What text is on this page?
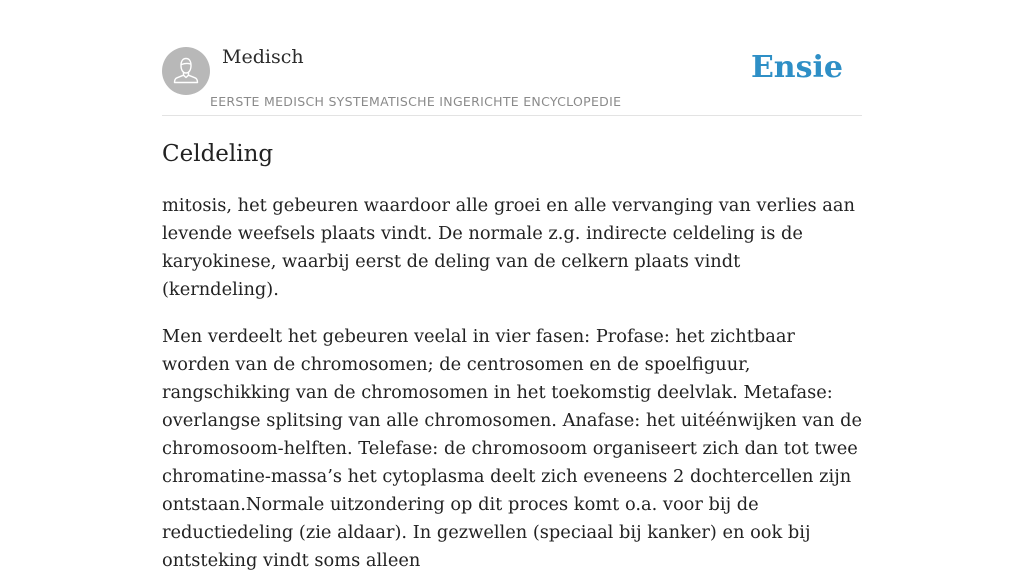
Medisch
EERSTE MEDISCH SYSTEMATISCHE INGERICHTE ENCYCLOPEDIE
Ensie
Celdeling

mitosis, het gebeuren waardoor alle groei en alle vervanging van verlies aan levende weefsels plaats vindt. De normale z.g. indirecte celdeling is de karyokinese, waarbij eerst de deling van de celkern plaats vindt (kerndeling).

Men verdeelt het gebeuren veelal in vier fasen: Profase: het zichtbaar worden van de chromosomen; de centrosomen en de spoelfiguur, rangschikking van de chromosomen in het toekomstig deelvlak. Metafase: overlangse splitsing van alle chromosomen. Anafase: het uitéénwijken van de chromosoom-helften. Telefase: de chromosoom organiseert zich dan tot twee chromatine-massa’s het cytoplasma deelt zich eveneens 2 dochtercellen zijn ontstaan.Normale uitzondering op dit proces komt o.a. voor bij de reductiedeling (zie aldaar). In gezwellen (speciaal bij kanker) en ook bij ontsteking vindt soms alleen
